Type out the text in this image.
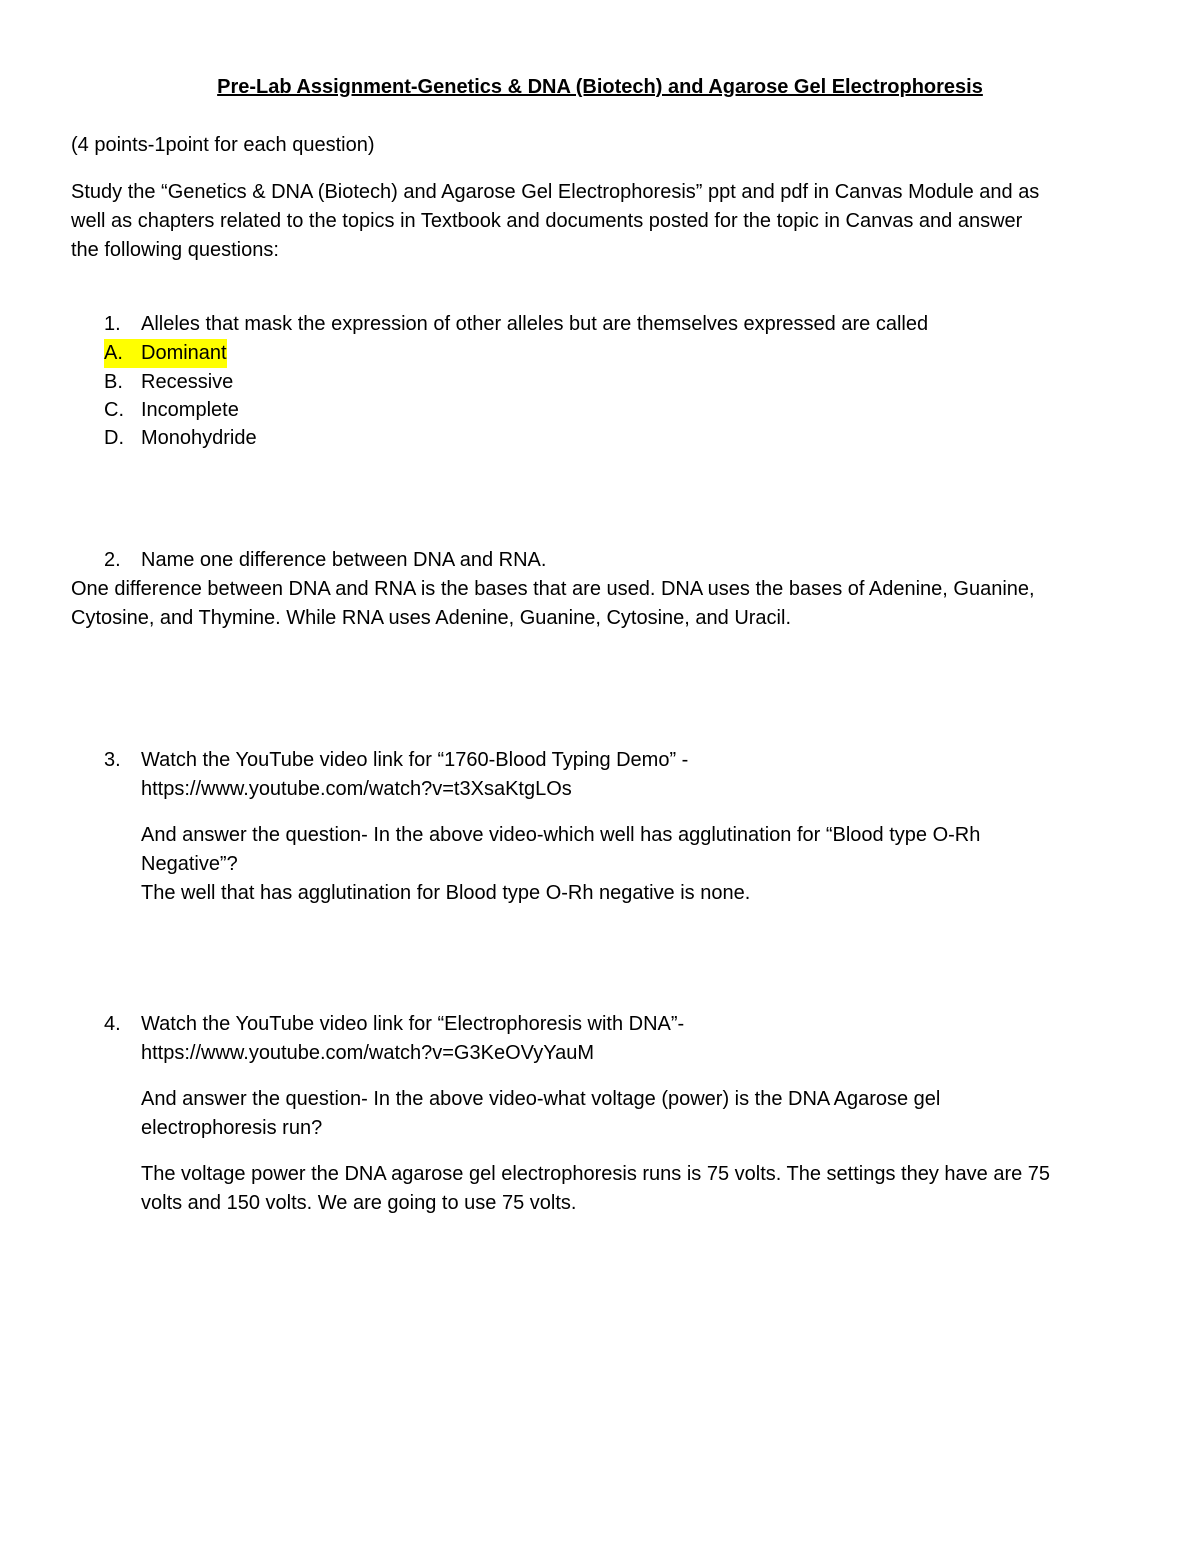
Pre-Lab Assignment-Genetics & DNA (Biotech) and Agarose Gel Electrophoresis
(4 points-1point for each question)
Study the “Genetics & DNA (Biotech) and Agarose Gel Electrophoresis” ppt and pdf in Canvas Module and as
well as chapters related to the topics in Textbook and documents posted for the topic in Canvas and answer
the following questions:
1. Alleles that mask the expression of other alleles but are themselves expressed are called
A. Dominant
B. Recessive
C. Incomplete
D. Monohydride
2. Name one difference between DNA and RNA.
One difference between DNA and RNA is the bases that are used. DNA uses the bases of Adenine, Guanine,
Cytosine, and Thymine. While RNA uses Adenine, Guanine, Cytosine, and Uracil.
3. Watch the YouTube video link for “1760-Blood Typing Demo” -
https://www.youtube.com/watch?v=t3XsaKtgLOs
And answer the question- In the above video-which well has agglutination for “Blood type O-Rh
Negative”?
The well that has agglutination for Blood type O-Rh negative is none.
4. Watch the YouTube video link for “Electrophoresis with DNA”-
https://www.youtube.com/watch?v=G3KeOVyYauM
And answer the question- In the above video-what voltage (power) is the DNA Agarose gel
electrophoresis run?
The voltage power the DNA agarose gel electrophoresis runs is 75 volts. The settings they have are 75
volts and 150 volts. We are going to use 75 volts.
